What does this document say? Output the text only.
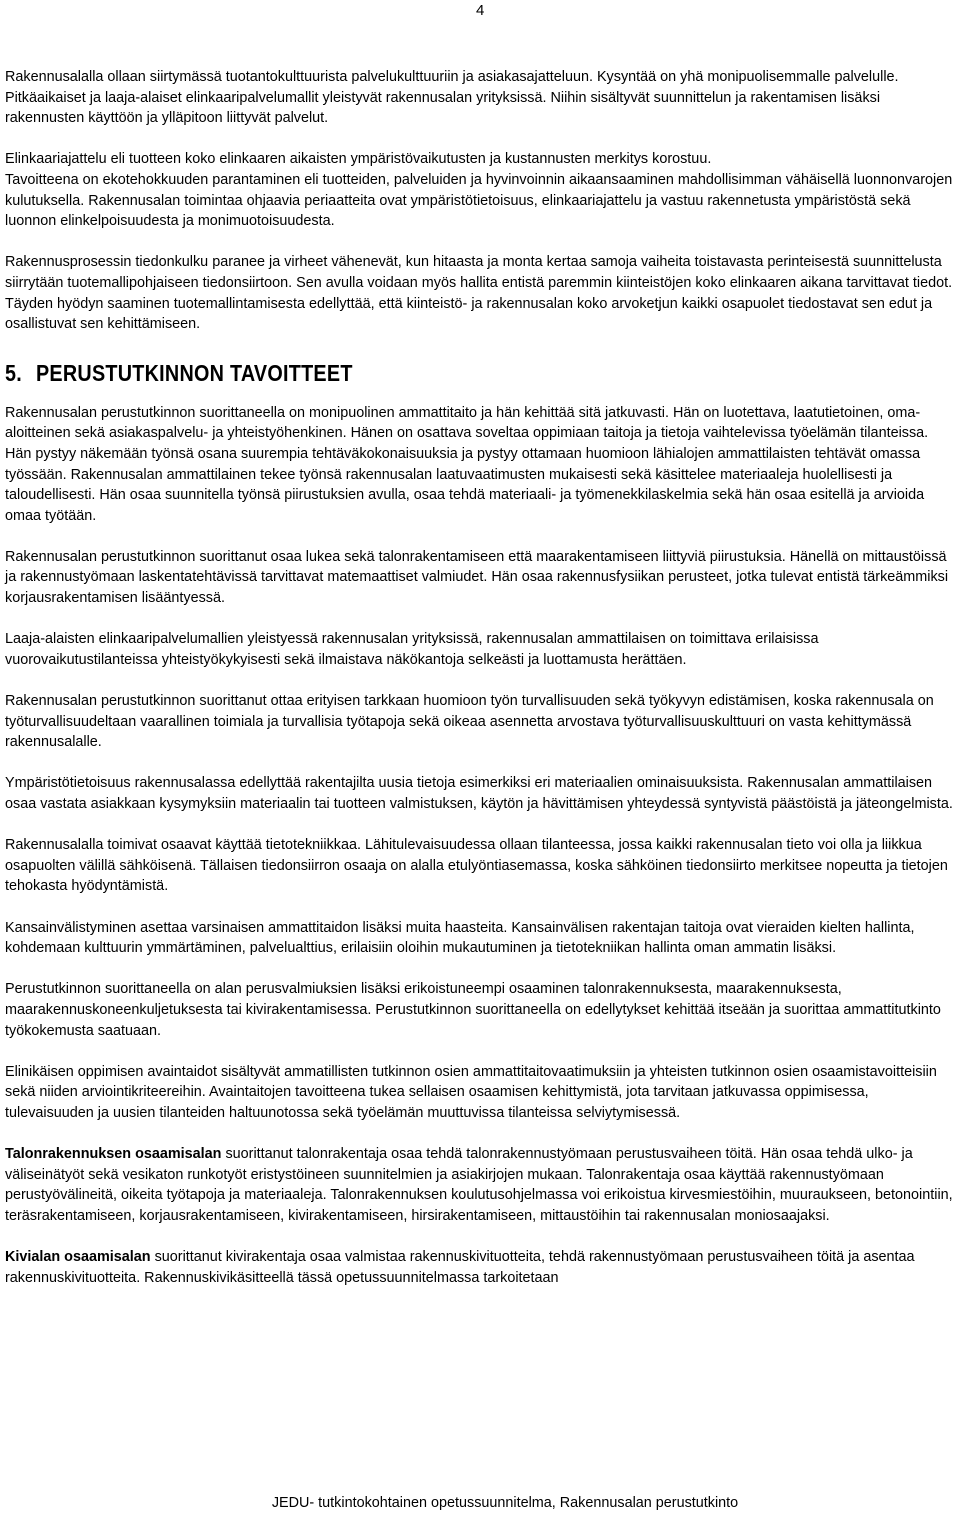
4

Rakennusalalla ollaan siirtymässä tuotantokulttuurista palvelukulttuuriin ja asiakasajatteluun. Kysyntää on yhä monipuolisemmalle palvelulle. Pitkäaikaiset ja laaja-alaiset elinkaaripalvelumallit yleistyvät rakennusalan yrityksissä. Niihin sisältyvät suunnittelun ja rakentamisen lisäksi rakennusten käyttöön ja ylläpitoon liittyvät palvelut.

Elinkaariajattelu eli tuotteen koko elinkaaren aikaisten ympäristövaikutusten ja kustannusten merkitys korostuu.
Tavoitteena on ekotehokkuuden parantaminen eli tuotteiden, palveluiden ja hyvinvoinnin aikaansaaminen mahdollisimman vähäisellä luonnonvarojen kulutuksella. Rakennusalan toimintaa ohjaavia periaatteita ovat ympäristötietoisuus, elinkaariajattelu ja vastuu rakennetusta ympäristöstä sekä luonnon elinkelpoisuudesta ja monimuotoisuudesta.

Rakennusprosessin tiedonkulku paranee ja virheet vähenevät, kun hitaasta ja monta kertaa samoja vaiheita toistavasta perinteisestä suunnittelusta siirrytään tuotemallipohjaiseen tiedonsiirtoon. Sen avulla voidaan myös hallita entistä paremmin kiinteistöjen koko elinkaaren aikana tarvittavat tiedot. Täyden hyödyn saaminen tuotemallintamisesta edellyttää, että kiinteistö- ja rakennusalan koko arvoketjun kaikki osapuolet tiedostavat sen edut ja osallistuvat sen kehittämiseen.

5. PERUSTUTKINNON TAVOITTEET

Rakennusalan perustutkinnon suorittaneella on monipuolinen ammattitaito ja hän kehittää sitä jatkuvasti. Hän on luotettava, laatutietoinen, oma-aloitteinen sekä asiakaspalvelu- ja yhteistyöhenkinen. Hänen on osattava soveltaa oppimiaan taitoja ja tietoja vaihtelevissa työelämän tilanteissa. Hän pystyy näkemään työnsä osana suurempia tehtäväkokonaisuuksia ja pystyy ottamaan huomioon lähialojen ammattilaisten tehtävät omassa työssään. Rakennusalan ammattilainen tekee työnsä rakennusalan laatuvaatimusten mukaisesti sekä käsittelee materiaaleja huolellisesti ja taloudellisesti. Hän osaa suunnitella työnsä piirustuksien avulla, osaa tehdä materiaali- ja työmenekkilaskelmia sekä hän osaa esitellä ja arvioida omaa työtään.

Rakennusalan perustutkinnon suorittanut osaa lukea sekä talonrakentamiseen että maarakentamiseen liittyviä piirustuksia. Hänellä on mittaustöissä ja rakennustyömaan laskentatehtävissä tarvittavat matemaattiset valmiudet. Hän osaa rakennusfysiikan perusteet, jotka tulevat entistä tärkeämmiksi korjausrakentamisen lisääntyessä.

Laaja-alaisten elinkaaripalvelumallien yleistyessä rakennusalan yrityksissä, rakennusalan ammattilaisen on toimittava erilaisissa vuorovaikutustilanteissa yhteistyökykyisesti sekä ilmaistava näkökantoja selkeästi ja luottamusta herättäen.

Rakennusalan perustutkinnon suorittanut ottaa erityisen tarkkaan huomioon työn turvallisuuden sekä työkyvyn edistämisen, koska rakennusala on työturvallisuudeltaan vaarallinen toimiala ja turvallisia työtapoja sekä oikeaa asennetta arvostava työturvallisuuskulttuuri on vasta kehittymässä rakennusalalle.

Ympäristötietoisuus rakennusalassa edellyttää rakentajilta uusia tietoja esimerkiksi eri materiaalien ominaisuuksista. Rakennusalan ammattilaisen osaa vastata asiakkaan kysymyksiin materiaalin tai tuotteen valmistuksen, käytön ja hävittämisen yhteydessä syntyvistä päästöistä ja jäteongelmista.

Rakennusalalla toimivat osaavat käyttää tietotekniikkaa. Lähitulevaisuudessa ollaan tilanteessa, jossa kaikki rakennusalan tieto voi olla ja liikkua osapuolten välillä sähköisenä. Tällaisen tiedonsiirron osaaja on alalla etulyöntiasemassa, koska sähköinen tiedonsiirto merkitsee nopeutta ja tietojen tehokasta hyödyntämistä.

Kansainvälistyminen asettaa varsinaisen ammattitaidon lisäksi muita haasteita. Kansainvälisen rakentajan taitoja ovat vieraiden kielten hallinta, kohdemaan kulttuurin ymmärtäminen, palvelualttius, erilaisiin oloihin mukautuminen ja tietotekniikan hallinta oman ammatin lisäksi.

Perustutkinnon suorittaneella on alan perusvalmiuksien lisäksi erikoistuneempi osaaminen talonrakennuksesta, maarakennuksesta, maarakennuskoneenkuljetuksesta tai kivirakentamisessa. Perustutkinnon suorittaneella on edellytykset kehittää itseään ja suorittaa ammattitutkinto työkokemusta saatuaan.

Elinikäisen oppimisen avaintaidot sisältyvät ammatillisten tutkinnon osien ammattitaitovaatimuksiin ja yhteisten tutkinnon osien osaamistavoitteisiin sekä niiden arviointikriteereihin. Avaintaitojen tavoitteena tukea sellaisen osaamisen kehittymistä, jota tarvitaan jatkuvassa oppimisessa, tulevaisuuden ja uusien tilanteiden haltuunotossa sekä työelämän muuttuvissa tilanteissa selviytymisessä.

Talonrakennuksen osaamisalan suorittanut talonrakentaja osaa tehdä talonrakennustyömaan perustusvaiheen töitä. Hän osaa tehdä ulko- ja väliseinätyöt sekä vesikaton runkotyöt eristystöineen suunnitelmien ja asiakirjojen mukaan. Talonrakentaja osaa käyttää rakennustyömaan perustyövälineitä, oikeita työtapoja ja materiaaleja. Talonrakennuksen koulutusohjelmassa voi erikoistua kirvesmiestöihin, muuraukseen, betonointiin, teräsrakentamiseen, korjausrakentamiseen, kivirakentamiseen, hirsirakentamiseen, mittaustöihin tai rakennusalan moniosaajaksi.

Kivialan osaamisalan suorittanut kivirakentaja osaa valmistaa rakennuskivituotteita, tehdä rakennustyömaan perustusvaiheen töitä ja asentaa rakennuskivituotteita. Rakennuskivikäsitteellä tässä opetussuunnitelmassa tarkoitetaan

JEDU- tutkintokohtainen opetussuunnitelma, Rakennusalan perustutkinto
